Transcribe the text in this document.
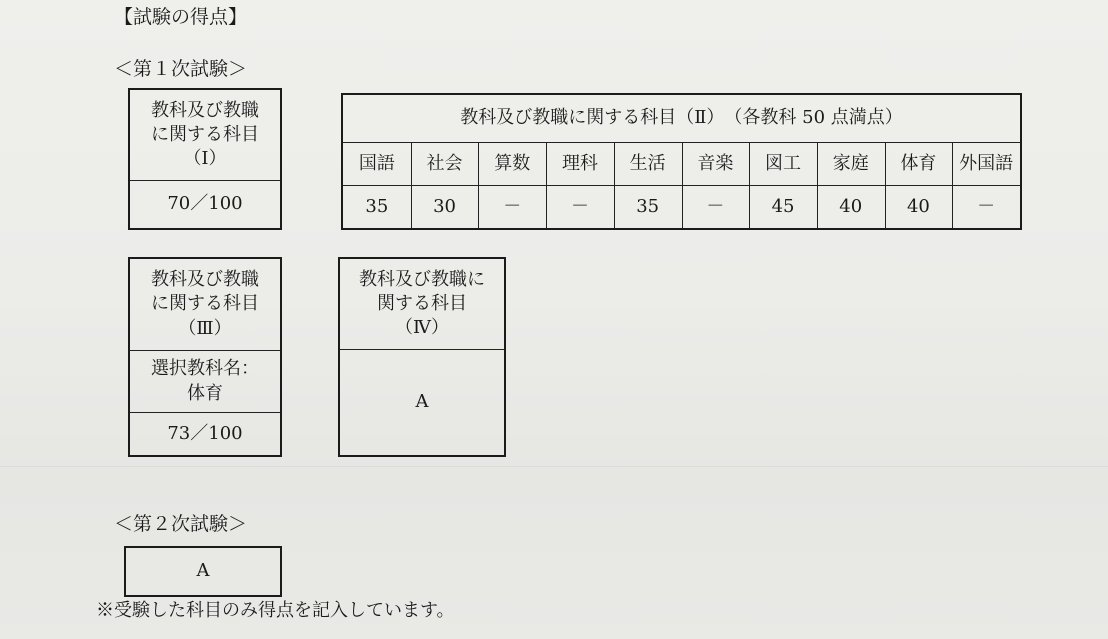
【試験の得点】
＜第１次試験＞
教科及び教職
に関する科目
（Ⅰ）
70／100
教科及び教職に関する科目（Ⅱ）　（各教科 50 点満点）
国語
35
社会
30
算数
－
理科
－
生活
35
音楽
－
図工
45
家庭
40
体育
40
外国語
－
教科及び教職
に関する科目
（Ⅲ）
選択教科名：
体育
73／100
教科及び教職に
関する科目
（Ⅳ）
A
＜第２次試験＞
A
※受験した科目のみ得点を記入しています。
